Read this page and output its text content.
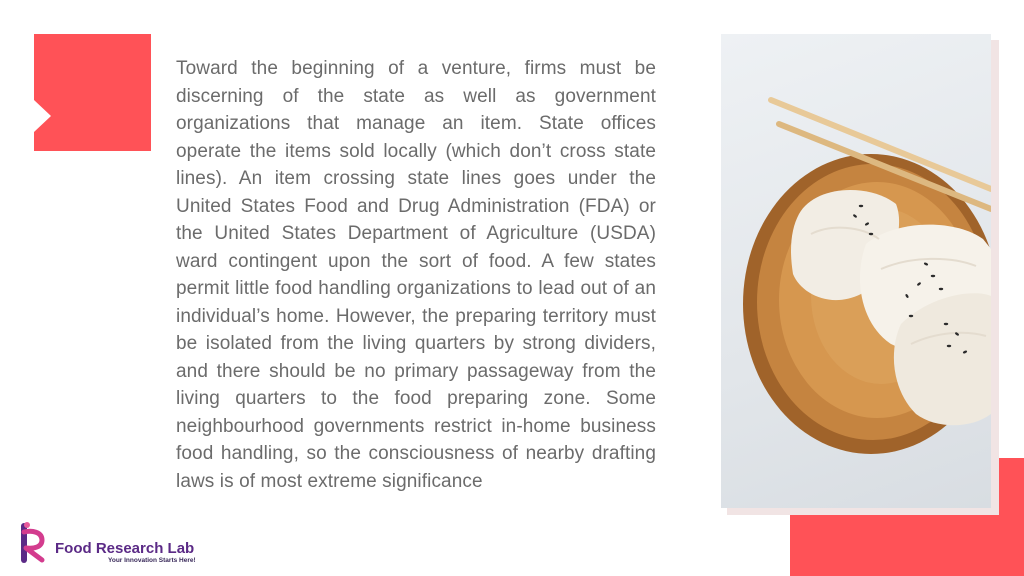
Toward the beginning of a venture, firms must be discerning of the state as well as government organizations that manage an item. State offices operate the items sold locally (which don’t cross state lines). An item crossing state lines goes under the United States Food and Drug Administration (FDA) or the United States Department of Agriculture (USDA) ward contingent upon the sort of food. A few states permit little food handling organizations to lead out of an individual’s home. However, the preparing territory must be isolated from the living quarters by strong dividers, and there should be no primary passageway from the living quarters to the food preparing zone. Some neighbourhood governments restrict in-home business food handling, so the consciousness of nearby drafting laws is of most extreme significance
Food Research Lab
Your Innovation Starts Here!
